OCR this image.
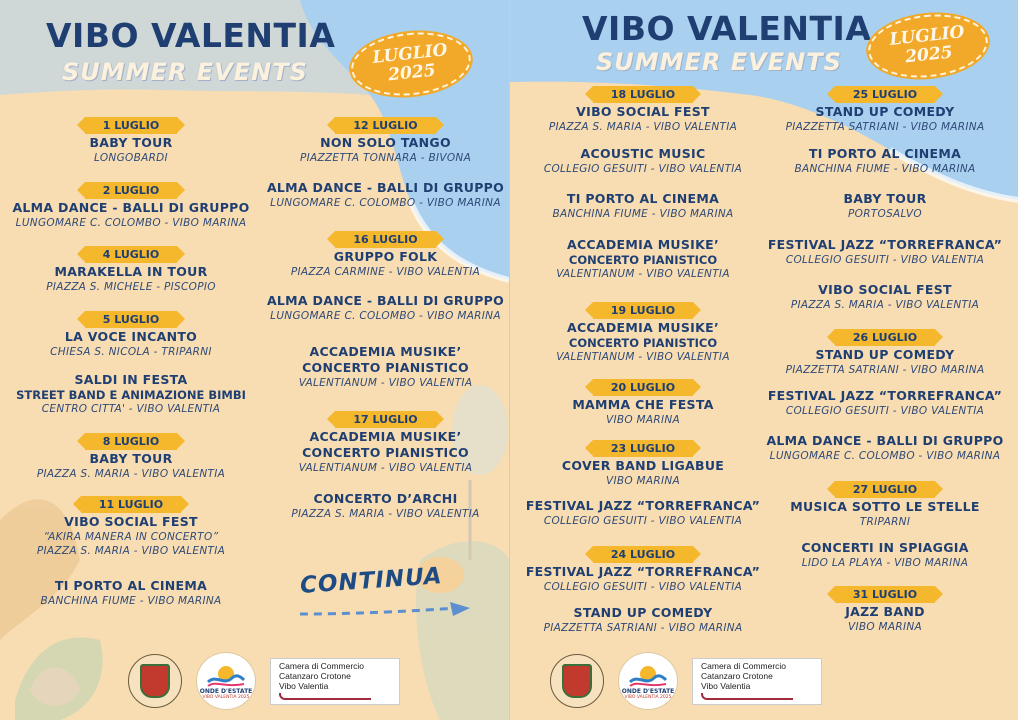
VIBO VALENTIA
SUMMER EVENTS
LUGLIO
2025
1 LUGLIO
BABY TOUR
LONGOBARDI
2 LUGLIO
ALMA DANCE - BALLI DI GRUPPO
LUNGOMARE C. COLOMBO - VIBO MARINA
4 LUGLIO
MARAKELLA IN TOUR
PIAZZA S. MICHELE - PISCOPIO
5 LUGLIO
LA VOCE INCANTO
CHIESA S. NICOLA - TRIPARNI
SALDI IN FESTA
STREET BAND E ANIMAZIONE BIMBI
CENTRO CITTA' - VIBO VALENTIA
8 LUGLIO
BABY TOUR
PIAZZA S. MARIA - VIBO VALENTIA
11 LUGLIO
VIBO SOCIAL FEST
“AKIRA MANERA IN CONCERTO”
PIAZZA S. MARIA - VIBO VALENTIA
TI PORTO AL CINEMA
BANCHINA FIUME - VIBO MARINA
12 LUGLIO
NON SOLO TANGO
PIAZZETTA TONNARA - BIVONA
ALMA DANCE - BALLI DI GRUPPO
LUNGOMARE C. COLOMBO - VIBO MARINA
16 LUGLIO
GRUPPO FOLK
PIAZZA CARMINE - VIBO VALENTIA
ALMA DANCE - BALLI DI GRUPPO
LUNGOMARE C. COLOMBO - VIBO MARINA
ACCADEMIA MUSIKE’
CONCERTO PIANISTICO
VALENTIANUM - VIBO VALENTIA
17 LUGLIO
ACCADEMIA MUSIKE’
CONCERTO PIANISTICO
VALENTIANUM - VIBO VALENTIA
CONCERTO D’ARCHI
PIAZZA S. MARIA - VIBO VALENTIA
CONTINUA
ONDE D'ESTATE
VIBO VALENTIA 2025
Camera di Commercio
Catanzaro Crotone
Vibo Valentia
VIBO VALENTIA
SUMMER EVENTS
LUGLIO
2025
18 LUGLIO
VIBO SOCIAL FEST
PIAZZA S. MARIA - VIBO VALENTIA
ACOUSTIC MUSIC
COLLEGIO GESUITI - VIBO VALENTIA
TI PORTO AL CINEMA
BANCHINA FIUME - VIBO MARINA
ACCADEMIA MUSIKE’
CONCERTO PIANISTICO
VALENTIANUM - VIBO VALENTIA
19 LUGLIO
ACCADEMIA MUSIKE’
CONCERTO PIANISTICO
VALENTIANUM - VIBO VALENTIA
20 LUGLIO
MAMMA CHE FESTA
VIBO MARINA
23 LUGLIO
COVER BAND LIGABUE
VIBO MARINA
FESTIVAL JAZZ “TORREFRANCA”
COLLEGIO GESUITI - VIBO VALENTIA
24 LUGLIO
FESTIVAL JAZZ “TORREFRANCA”
COLLEGIO GESUITI - VIBO VALENTIA
STAND UP COMEDY
PIAZZETTA SATRIANI - VIBO MARINA
25 LUGLIO
STAND UP COMEDY
PIAZZETTA SATRIANI - VIBO MARINA
TI PORTO AL CINEMA
BANCHINA FIUME - VIBO MARINA
BABY TOUR
PORTOSALVO
FESTIVAL JAZZ “TORREFRANCA”
COLLEGIO GESUITI - VIBO VALENTIA
VIBO SOCIAL FEST
PIAZZA S. MARIA - VIBO VALENTIA
26 LUGLIO
STAND UP COMEDY
PIAZZETTA SATRIANI - VIBO MARINA
FESTIVAL JAZZ “TORREFRANCA”
COLLEGIO GESUITI - VIBO VALENTIA
ALMA DANCE - BALLI DI GRUPPO
LUNGOMARE C. COLOMBO - VIBO MARINA
27 LUGLIO
MUSICA SOTTO LE STELLE
TRIPARNI
CONCERTI IN SPIAGGIA
LIDO LA PLAYA - VIBO MARINA
31 LUGLIO
JAZZ BAND
VIBO MARINA
ONDE D'ESTATE
VIBO VALENTIA 2025
Camera di Commercio
Catanzaro Crotone
Vibo Valentia
